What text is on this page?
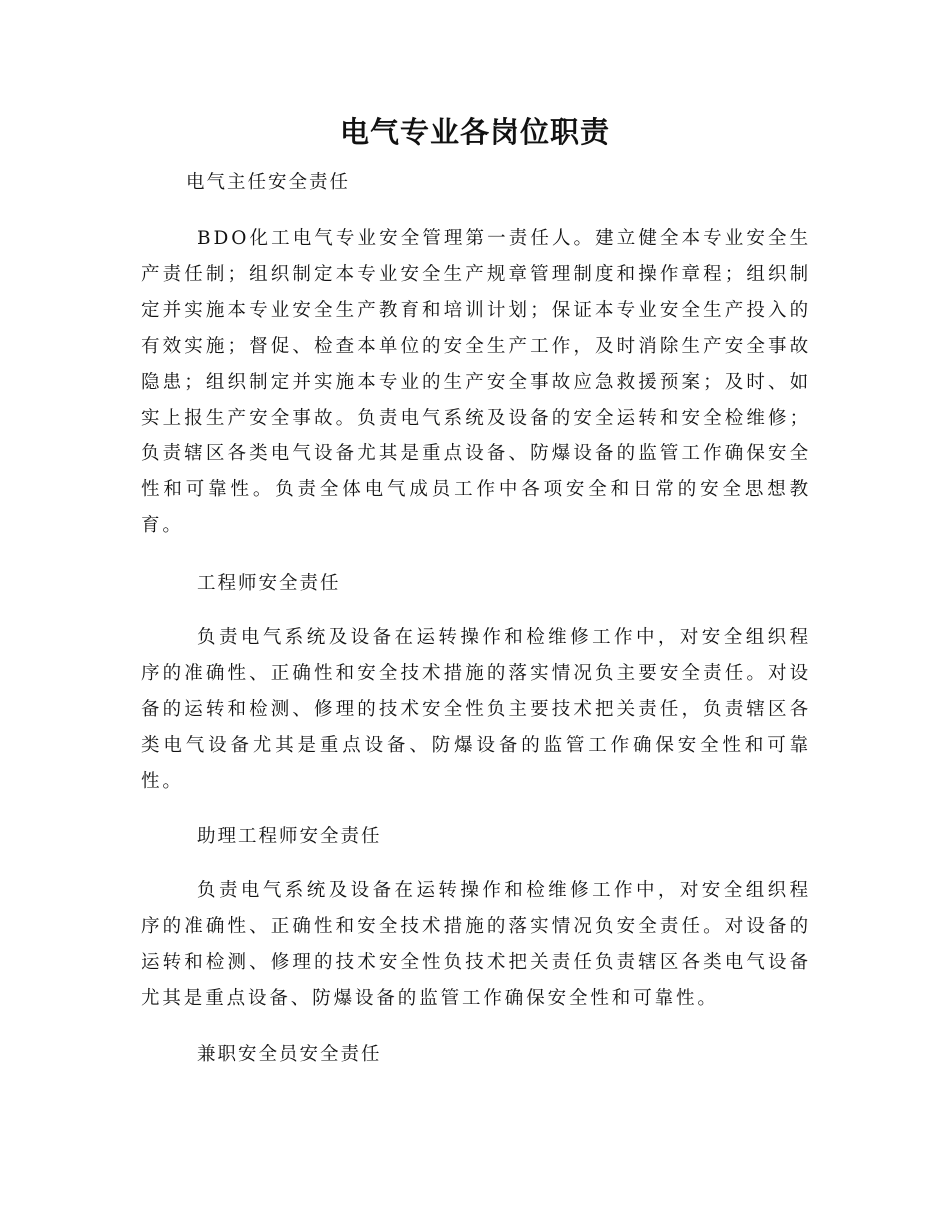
电气专业各岗位职责

电气主任安全责任

BDO化工电气专业安全管理第一责任人。建立健全本专业安全生产责任制；组织制定本专业安全生产规章管理制度和操作章程；组织制定并实施本专业安全生产教育和培训计划；保证本专业安全生产投入的有效实施；督促、检查本单位的安全生产工作，及时消除生产安全事故隐患；组织制定并实施本专业的生产安全事故应急救援预案；及时、如实上报生产安全事故。负责电气系统及设备的安全运转和安全检维修；负责辖区各类电气设备尤其是重点设备、防爆设备的监管工作确保安全性和可靠性。负责全体电气成员工作中各项安全和日常的安全思想教育。

工程师安全责任

负责电气系统及设备在运转操作和检维修工作中，对安全组织程序的准确性、正确性和安全技术措施的落实情况负主要安全责任。对设备的运转和检测、修理的技术安全性负主要技术把关责任，负责辖区各类电气设备尤其是重点设备、防爆设备的监管工作确保安全性和可靠性。

助理工程师安全责任

负责电气系统及设备在运转操作和检维修工作中，对安全组织程序的准确性、正确性和安全技术措施的落实情况负安全责任。对设备的运转和检测、修理的技术安全性负技术把关责任负责辖区各类电气设备尤其是重点设备、防爆设备的监管工作确保安全性和可靠性。

兼职安全员安全责任
